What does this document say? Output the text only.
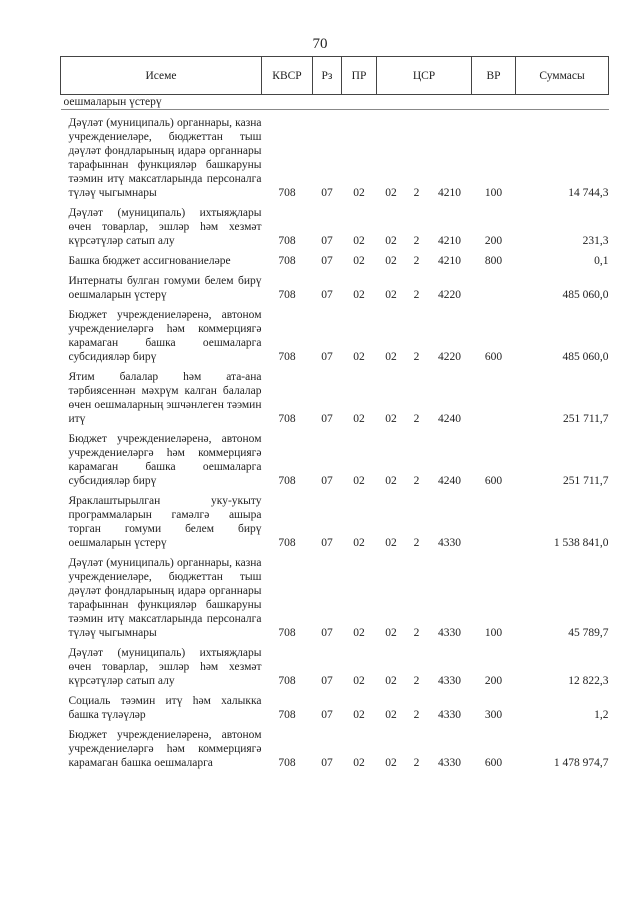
70
Исеме	КВСР	Рз	ПР	ЦСР			ВР	Суммасы
оешмаларын үстерү								

Дәүләт (муниципаль) органнары, казна учреждениеләре, бюджеттан тыш дәүләт фондларының идарә органнары тарафыннан функцияләр башкаруны тәэмин итү максатларында персоналга түләү чыгымнары	708	07	02	02	2	4210	100	14 744,3
Дәүләт (муниципаль) ихтыяҗлары өчен товарлар, эшләр һәм хезмәт күрсәтүләр сатып алу	708	07	02	02	2	4210	200	231,3
Башка бюджет ассигнованиеләре	708	07	02	02	2	4210	800	0,1
Интернаты булган гомуми белем бирү оешмаларын үстерү	708	07	02	02	2	4220		485 060,0
Бюджет учреждениеләренә, автоном учреждениеләргә һәм коммерциягә карамаган башка оешмаларга субсидияләр бирү	708	07	02	02	2	4220	600	485 060,0
Ятим балалар һәм ата-ана тәрбиясеннән мәхрүм калган балалар өчен оешмаларның эшчәнлеген тәэмин итү	708	07	02	02	2	4240		251 711,7
Бюджет учреждениеләренә, автоном учреждениеләргә һәм коммерциягә карамаган башка оешмаларга субсидияләр бирү	708	07	02	02	2	4240	600	251 711,7
Яраклаштырылган уку-укыту программаларын гамәлгә ашыра торган гомуми белем бирү оешмаларын үстерү	708	07	02	02	2	4330		1 538 841,0
Дәүләт (муниципаль) органнары, казна учреждениеләре, бюджеттан тыш дәүләт фондларының идарә органнары тарафыннан функцияләр башкаруны тәэмин итү максатларында персоналга түләү чыгымнары	708	07	02	02	2	4330	100	45 789,7
Дәүләт (муниципаль) ихтыяҗлары өчен товарлар, эшләр һәм хезмәт күрсәтүләр сатып алу	708	07	02	02	2	4330	200	12 822,3
Социаль тәэмин итү һәм халыкка башка түләүләр	708	07	02	02	2	4330	300	1,2
Бюджет учреждениеләренә, автоном учреждениеләргә һәм коммерциягә карамаган башка оешмаларга	708	07	02	02	2	4330	600	1 478 974,7
